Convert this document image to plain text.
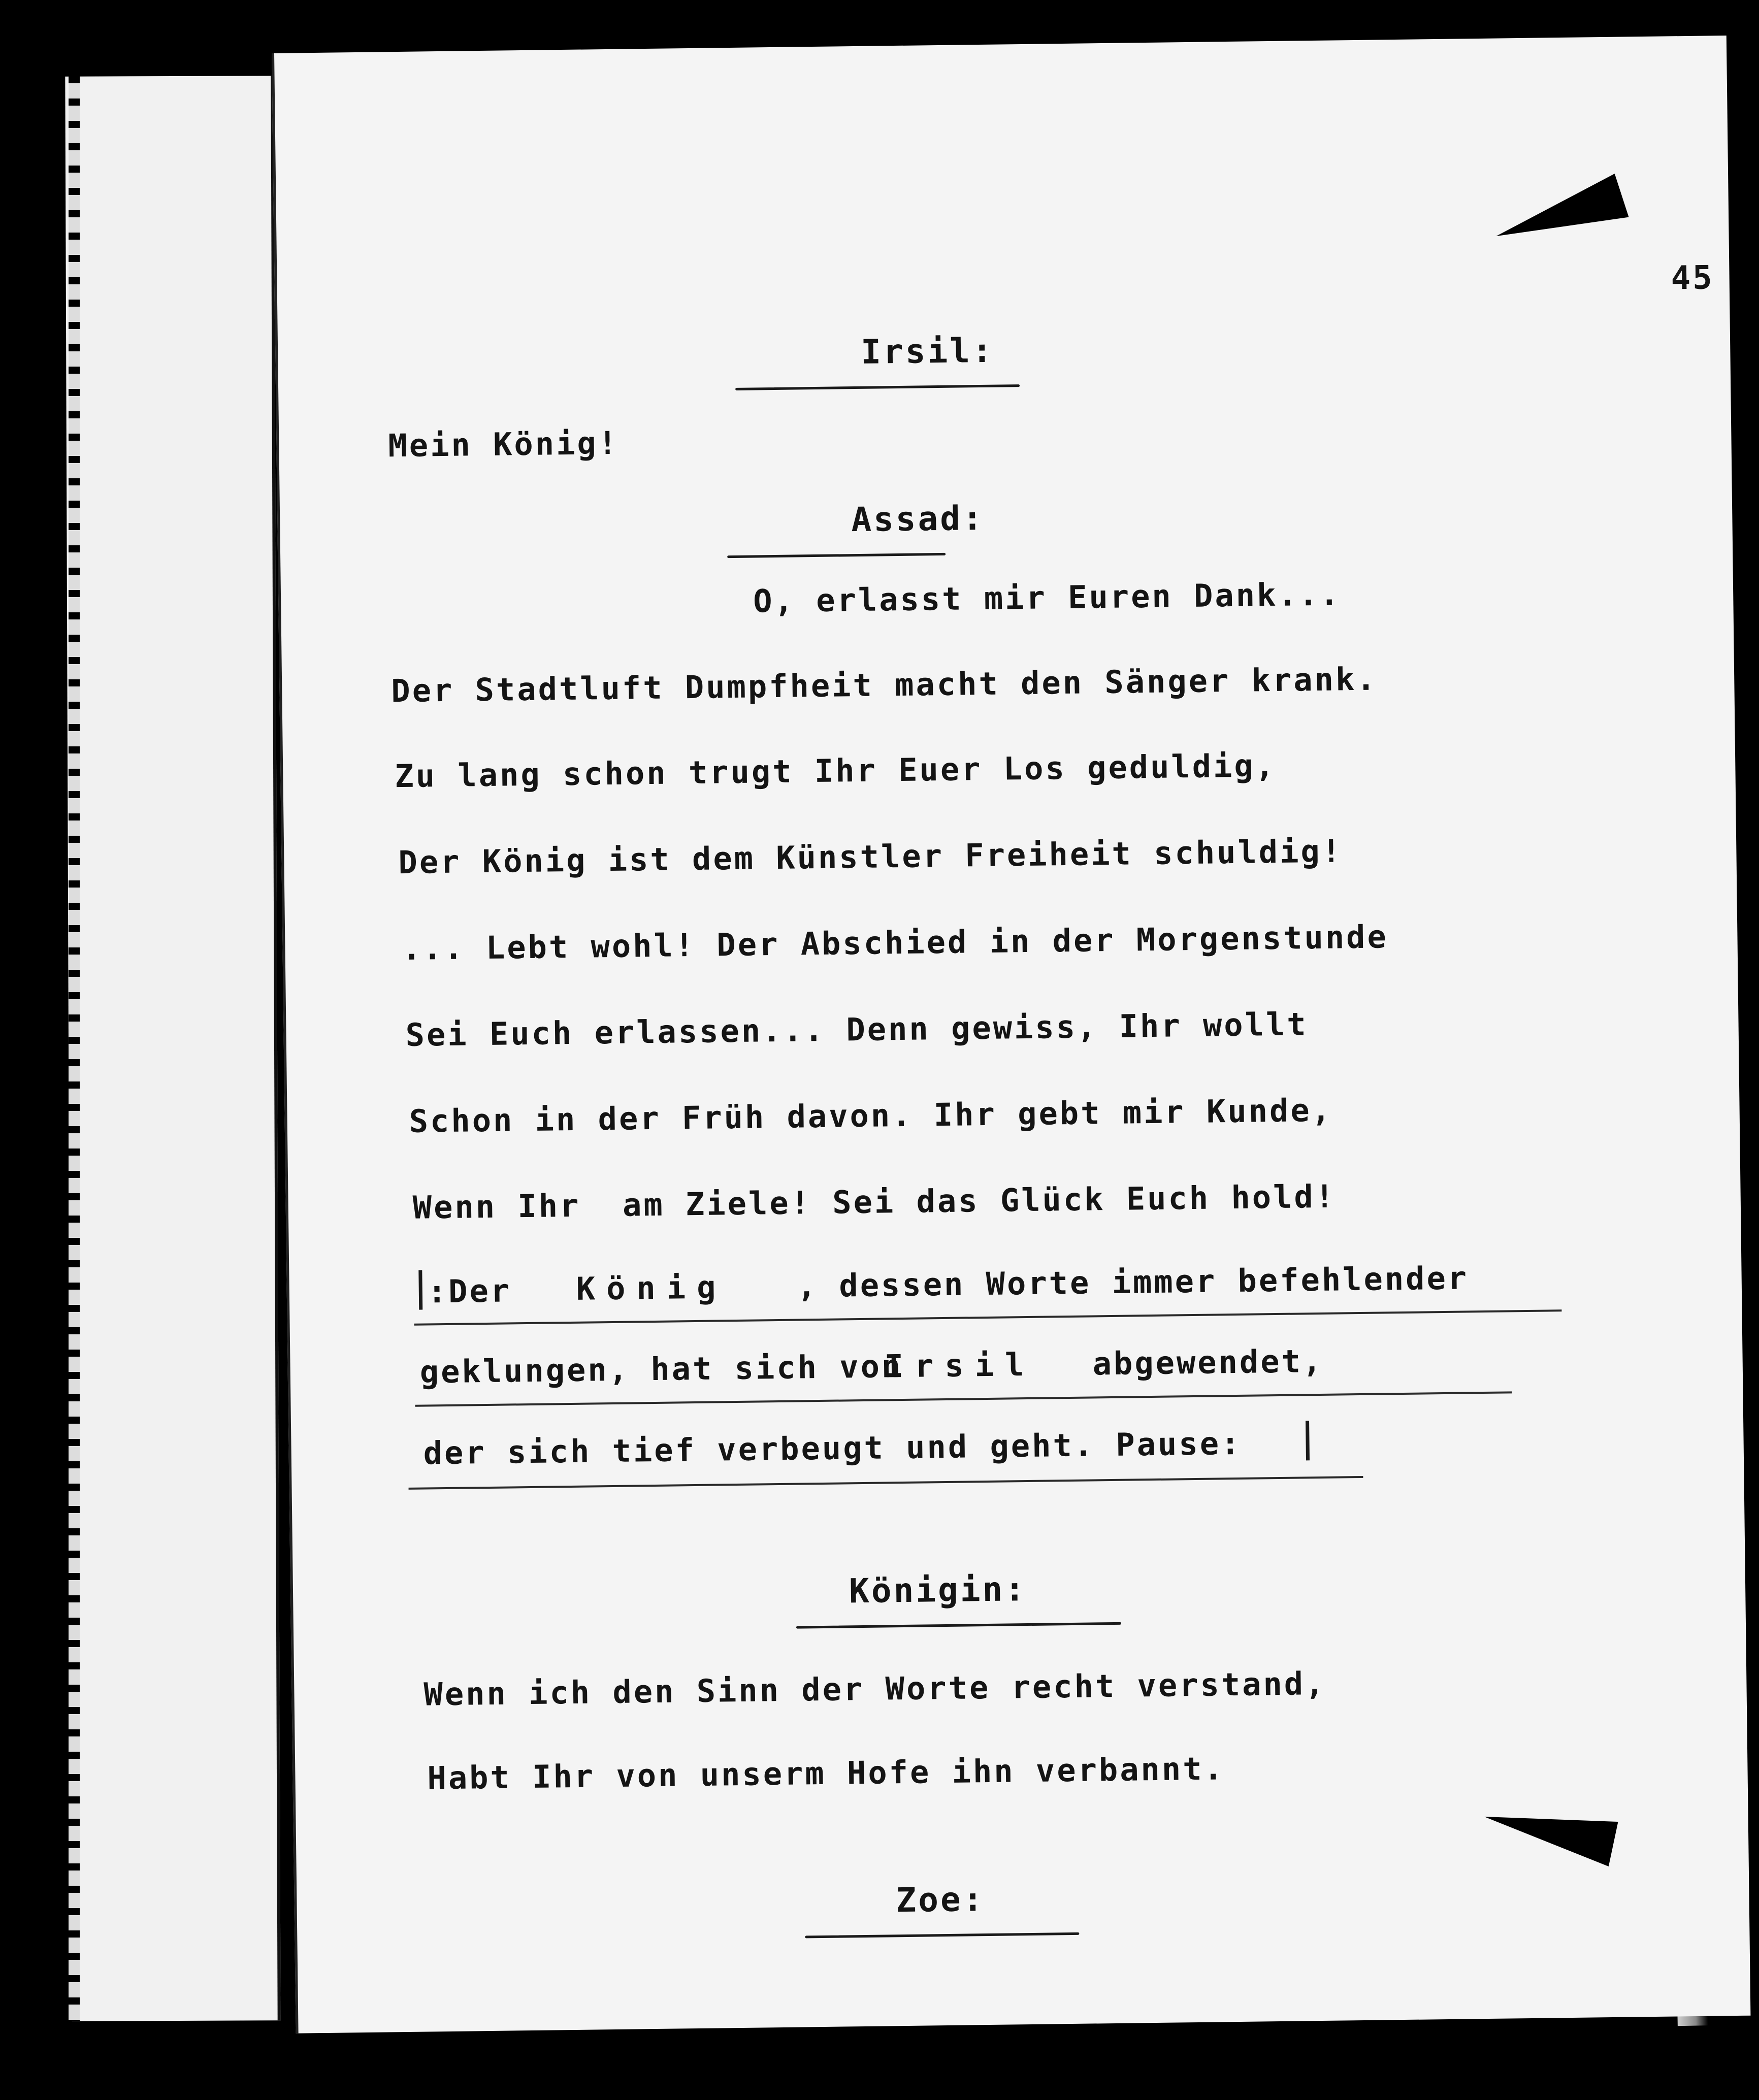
45
Irsil:
Mein König!
Assad:
O, erlasst mir Euren Dank...
Der Stadtluft Dumpfheit macht den Sänger krank.
Zu lang schon trugt Ihr Euer Los geduldig,
Der König ist dem Künstler Freiheit schuldig!
... Lebt wohl! Der Abschied in der Morgenstunde
Sei Euch erlassen... Denn gewiss, Ihr wollt
Schon in der Früh davon. Ihr gebt mir Kunde,
Wenn Ihr  am Ziele! Sei das Glück Euch hold!
:Der König , dessen Worte immer befehlender
geklungen, hat sich von
Irsil abgewendet,
der sich tief verbeugt und geht. Pause:
Königin:
Wenn ich den Sinn der Worte recht verstand,
Habt Ihr von unserm Hofe ihn verbannt.
Zoe:
